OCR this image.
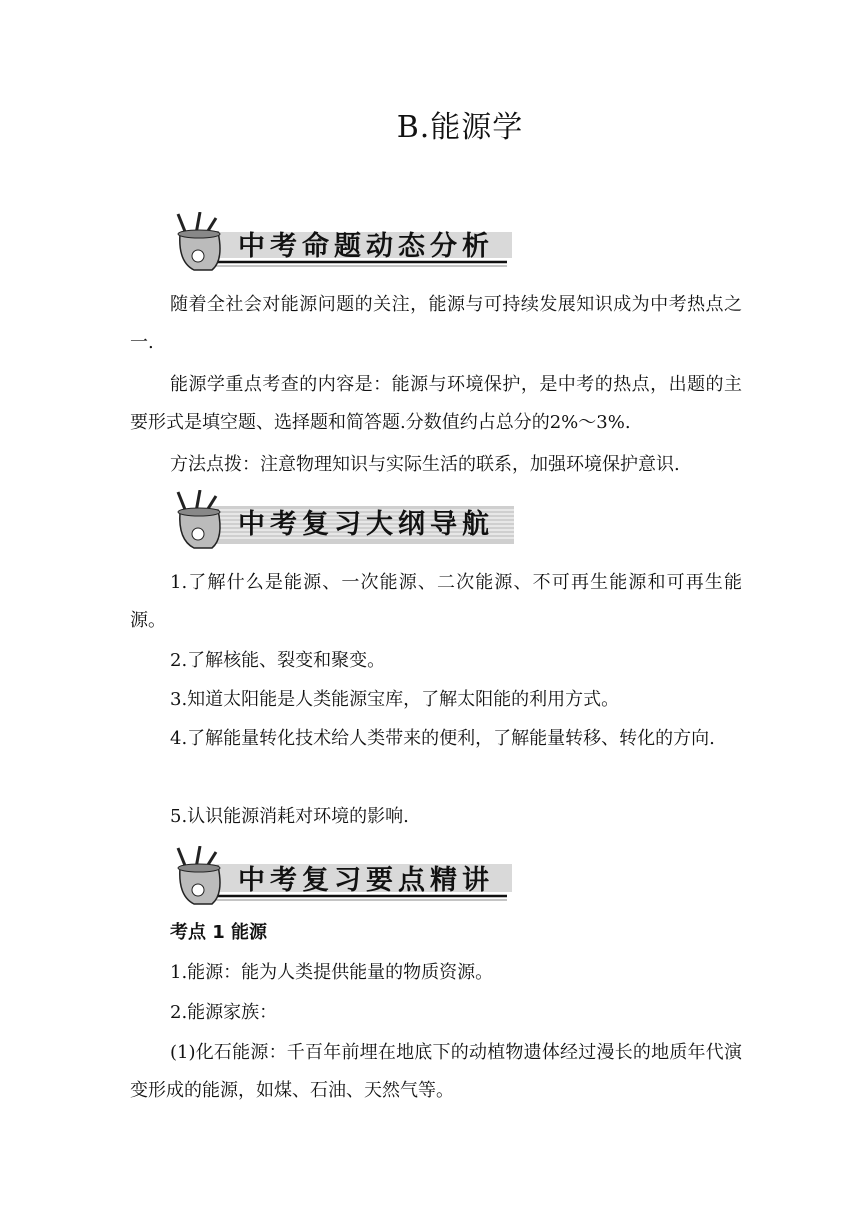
B.能源学
中考命题动态分析
随着全社会对能源问题的关注，能源与可持续发展知识成为中考热点之一.
能源学重点考查的内容是：能源与环境保护，是中考的热点，出题的主要形式是填空题、选择题和简答题.分数值约占总分的2%～3%.
方法点拨：注意物理知识与实际生活的联系，加强环境保护意识.
中考复习大纲导航
1.了解什么是能源、一次能源、二次能源、不可再生能源和可再生能源。
2.了解核能、裂变和聚变。
3.知道太阳能是人类能源宝库，了解太阳能的利用方式。
4.了解能量转化技术给人类带来的便利，了解能量转移、转化的方向.
5.认识能源消耗对环境的影响.
中考复习要点精讲
考点 1 能源
1.能源：能为人类提供能量的物质资源。
2.能源家族：
(1)化石能源：千百年前埋在地底下的动植物遗体经过漫长的地质年代演变形成的能源，如煤、石油、天然气等。
